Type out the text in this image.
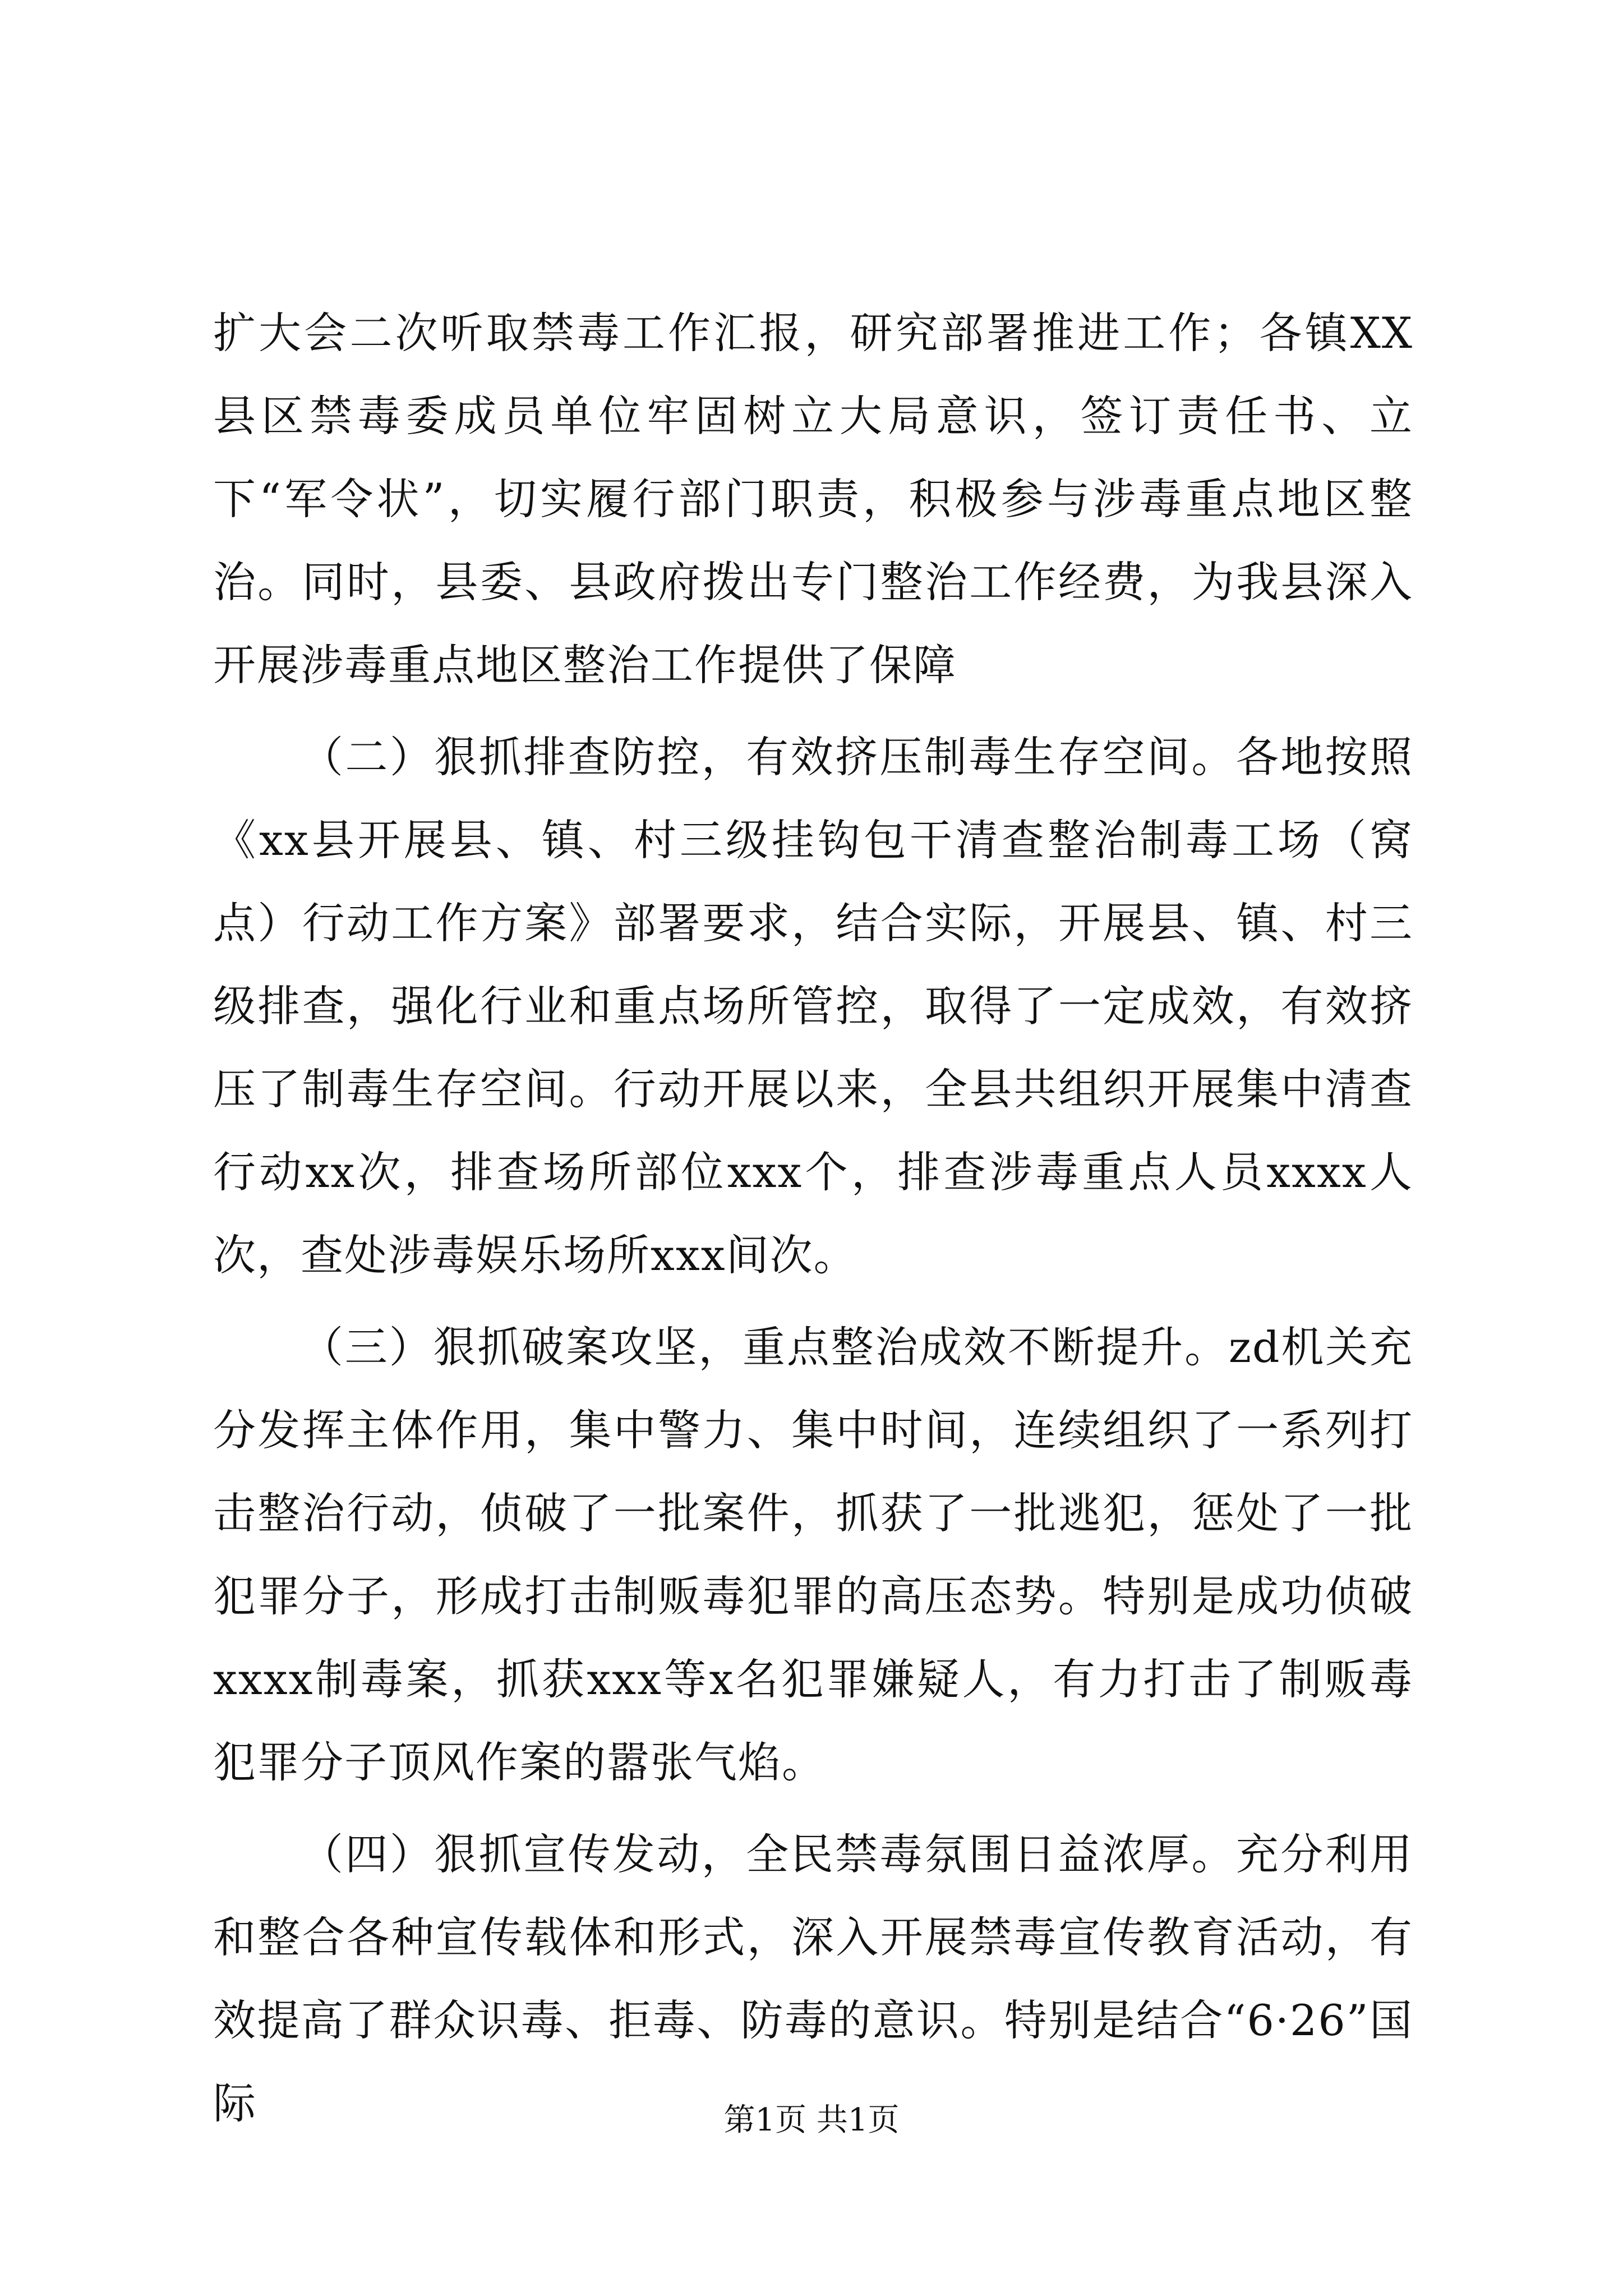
扩大会二次听取禁毒工作汇报，研究部署推进工作；各镇XX县区禁毒委成员单位牢固树立大局意识，签订责任书、立下“军令状”，切实履行部门职责，积极参与涉毒重点地区整治。同时，县委、县政府拨出专门整治工作经费，为我县深入开展涉毒重点地区整治工作提供了保障

（二）狠抓排查防控，有效挤压制毒生存空间。各地按照《xx县开展县、镇、村三级挂钩包干清查整治制毒工场（窝点）行动工作方案》部署要求，结合实际，开展县、镇、村三级排查，强化行业和重点场所管控，取得了一定成效，有效挤压了制毒生存空间。行动开展以来，全县共组织开展集中清查行动xx次，排查场所部位xxx个，排查涉毒重点人员xxxx人次，查处涉毒娱乐场所xxx间次。

（三）狠抓破案攻坚，重点整治成效不断提升。zd机关充分发挥主体作用，集中警力、集中时间，连续组织了一系列打击整治行动，侦破了一批案件，抓获了一批逃犯，惩处了一批犯罪分子，形成打击制贩毒犯罪的高压态势。特别是成功侦破xxxx制毒案，抓获xxx等x名犯罪嫌疑人，有力打击了制贩毒犯罪分子顶风作案的嚣张气焰。

（四）狠抓宣传发动，全民禁毒氛围日益浓厚。充分利用和整合各种宣传载体和形式，深入开展禁毒宣传教育活动，有效提高了群众识毒、拒毒、防毒的意识。特别是结合“6·26”国际	第1页 共1页
